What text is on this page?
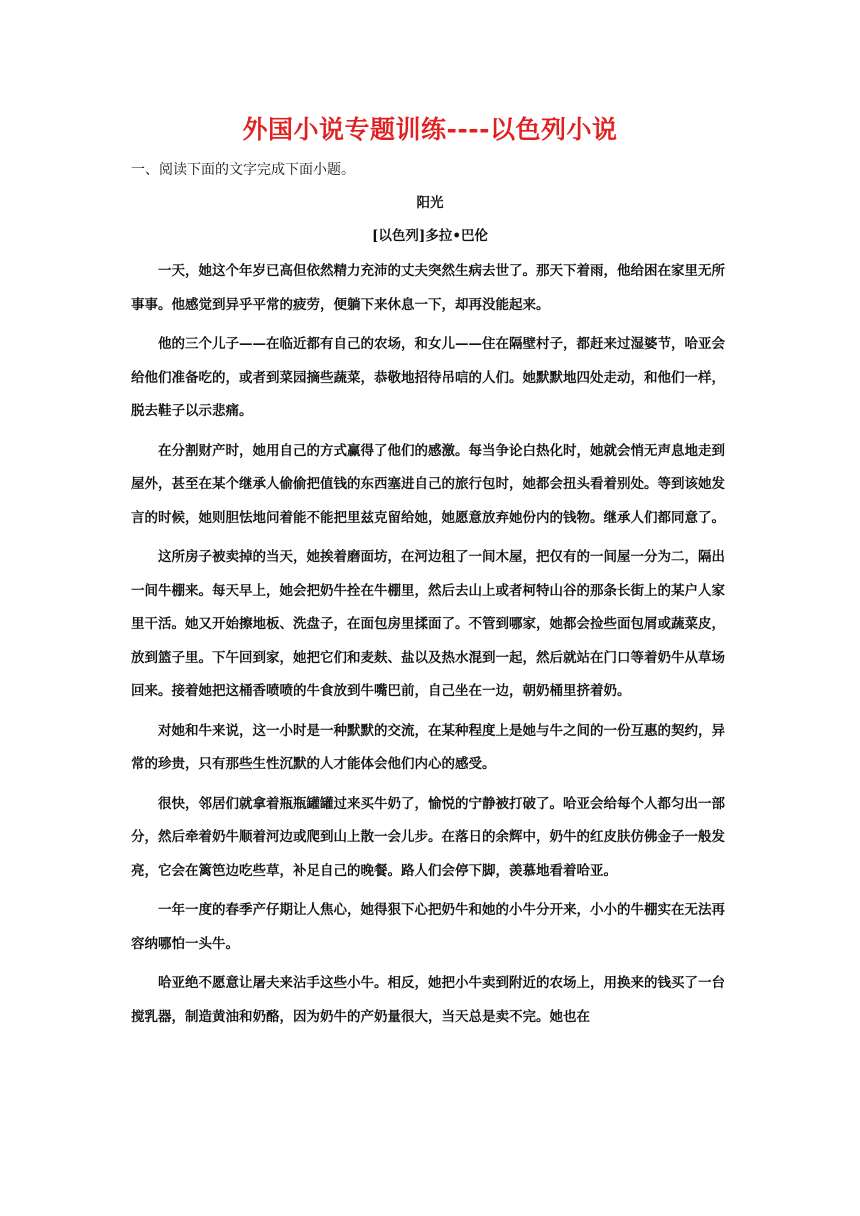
外国小说专题训练----以色列小说
一、阅读下面的文字完成下面小题。
阳光
[以色列]多拉•巴伦

一天，她这个年岁已高但依然精力充沛的丈夫突然生病去世了。那天下着雨，他给困在家里无所事事。他感觉到异乎平常的疲劳，便躺下来休息一下，却再没能起来。

他的三个儿子——在临近都有自己的农场，和女儿——住在隔壁村子，都赶来过湿婆节，哈亚会给他们准备吃的，或者到菜园摘些蔬菜，恭敬地招待吊唁的人们。她默默地四处走动，和他们一样，脱去鞋子以示悲痛。

在分割财产时，她用自己的方式赢得了他们的感激。每当争论白热化时，她就会悄无声息地走到屋外，甚至在某个继承人偷偷把值钱的东西塞进自己的旅行包时，她都会扭头看着别处。等到该她发言的时候，她则胆怯地问着能不能把里兹克留给她，她愿意放弃她份内的钱物。继承人们都同意了。

这所房子被卖掉的当天，她挨着磨面坊，在河边租了一间木屋，把仅有的一间屋一分为二，隔出一间牛棚来。每天早上，她会把奶牛拴在牛棚里，然后去山上或者柯特山谷的那条长街上的某户人家里干活。她又开始擦地板、洗盘子，在面包房里揉面了。不管到哪家，她都会捡些面包屑或蔬菜皮，放到篮子里。下午回到家，她把它们和麦麸、盐以及热水混到一起，然后就站在门口等着奶牛从草场回来。接着她把这桶香喷喷的牛食放到牛嘴巴前，自己坐在一边，朝奶桶里挤着奶。

对她和牛来说，这一小时是一种默默的交流，在某种程度上是她与牛之间的一份互惠的契约，异常的珍贵，只有那些生性沉默的人才能体会他们内心的感受。

很快，邻居们就拿着瓶瓶罐罐过来买牛奶了，愉悦的宁静被打破了。哈亚会给每个人都匀出一部分，然后牵着奶牛顺着河边或爬到山上散一会儿步。在落日的余辉中，奶牛的红皮肤仿佛金子一般发亮，它会在篱笆边吃些草，补足自己的晚餐。路人们会停下脚，羡慕地看着哈亚。

一年一度的春季产仔期让人焦心，她得狠下心把奶牛和她的小牛分开来，小小的牛棚实在无法再容纳哪怕一头牛。

哈亚绝不愿意让屠夫来沾手这些小牛。相反，她把小牛卖到附近的农场上，用换来的钱买了一台搅乳器，制造黄油和奶酪，因为奶牛的产奶量很大，当天总是卖不完。她也在
